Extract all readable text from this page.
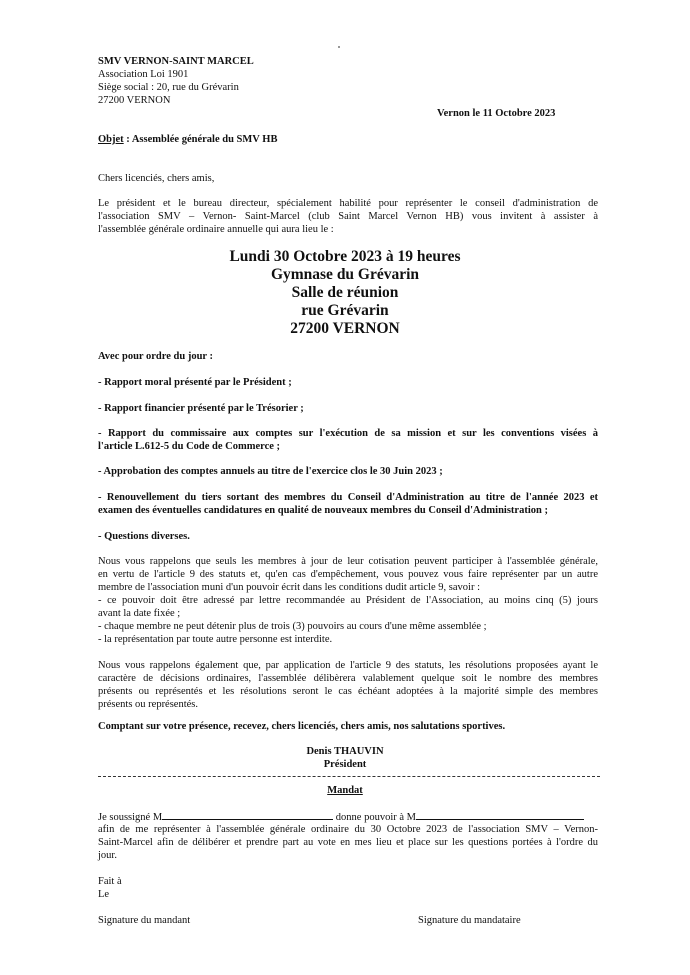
SMV VERNON-SAINT MARCEL
Association Loi 1901
Siège social : 20, rue du Grévarin
27200 VERNON
Vernon le 11 Octobre 2023
Objet : Assemblée générale du SMV HB
Chers licenciés, chers amis,
Le président et le bureau directeur, spécialement habilité pour représenter le conseil d'administration de
l'association SMV – Vernon- Saint-Marcel (club Saint Marcel Vernon HB) vous invitent à assister à
l'assemblée générale ordinaire annuelle qui aura lieu le :
Lundi 30 Octobre 2023 à 19 heures
Gymnase du Grévarin
Salle de réunion
rue Grévarin
27200 VERNON
Avec pour ordre du jour :
- Rapport moral présenté par le Président ;
- Rapport financier présenté par le Trésorier ;
- Rapport du commissaire aux comptes sur l'exécution de sa mission et sur les conventions visées à
l'article L.612-5 du Code de Commerce ;
- Approbation des comptes annuels au titre de l'exercice clos le 30 Juin 2023 ;
- Renouvellement du tiers sortant des membres du Conseil d'Administration au titre de l'année 2023 et
examen des éventuelles candidatures en qualité de nouveaux membres du Conseil d'Administration ;
- Questions diverses.
Nous vous rappelons que seuls les membres à jour de leur cotisation peuvent participer à l'assemblée générale,
en vertu de l'article 9 des statuts et, qu'en cas d'empêchement, vous pouvez vous faire représenter par un autre
membre de l'association muni d'un pouvoir écrit dans les conditions dudit article 9, savoir :
- ce pouvoir doit être adressé par lettre recommandée au Président de l'Association, au moins cinq (5) jours
avant la date fixée ;
- chaque membre ne peut détenir plus de trois (3) pouvoirs au cours d'une même assemblée ;
- la représentation par toute autre personne est interdite.
Nous vous rappelons également que, par application de l'article 9 des statuts, les résolutions proposées ayant le
caractère de décisions ordinaires, l'assemblée délibèrera valablement quelque soit le nombre des membres
présents ou représentés et les résolutions seront le cas échéant adoptées à la majorité simple des membres
présents ou représentés.
Comptant sur votre présence, recevez, chers licenciés, chers amis, nos salutations sportives.
Denis THAUVIN
Président
Mandat
Je soussigné M	donne pouvoir à M
afin de me représenter à l'assemblée générale ordinaire du 30 Octobre 2023 de l'association SMV – Vernon-
Saint-Marcel afin de délibérer et prendre part au vote en mes lieu et place sur les questions portées à l'ordre du
jour.
Fait à
Le
Signature du mandant	Signature du mandataire
